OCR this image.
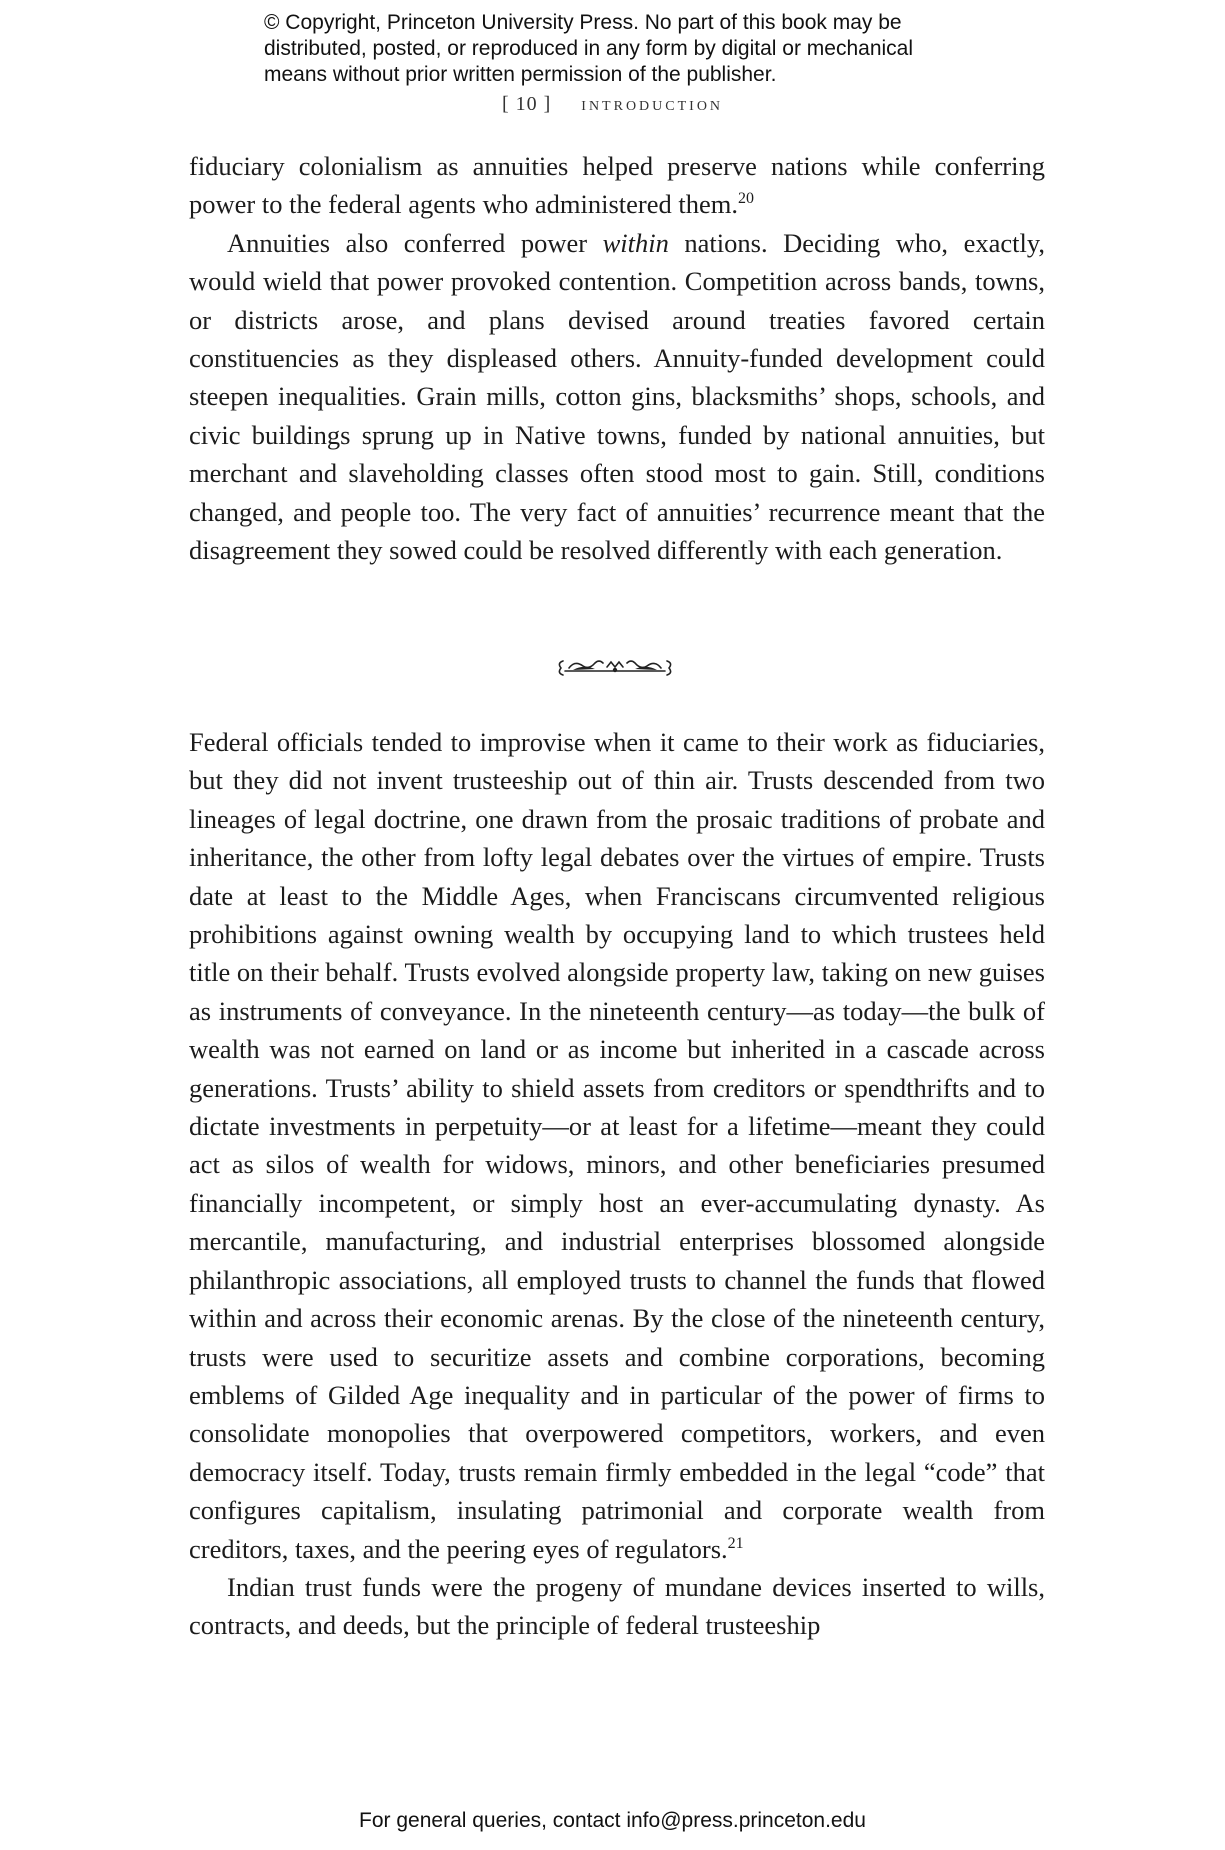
© Copyright, Princeton University Press. No part of this book may be
distributed, posted, or reproduced in any form by digital or mechanical
means without prior written permission of the publisher.
[ 10 ] introduction

fiduciary colonialism as annuities helped preserve nations while conferring power to the federal agents who administered them.$^{20}$

Annuities also conferred power within nations. Deciding who, exactly, would wield that power provoked contention. Competition across bands, towns, or districts arose, and plans devised around treaties favored certain constituencies as they displeased others. Annuity-funded development could steepen inequalities. Grain mills, cotton gins, blacksmiths’ shops, schools, and civic buildings sprung up in Native towns, funded by national annuities, but merchant and slaveholding classes often stood most to gain. Still, conditions changed, and people too. The very fact of annuities’ recurrence meant that the disagreement they sowed could be resolved differently with each generation.

Federal officials tended to improvise when it came to their work as fiduciaries, but they did not invent trusteeship out of thin air. Trusts descended from two lineages of legal doctrine, one drawn from the prosaic traditions of probate and inheritance, the other from lofty legal debates over the virtues of empire. Trusts date at least to the Middle Ages, when Franciscans circumvented religious prohibitions against owning wealth by occupying land to which trustees held title on their behalf. Trusts evolved alongside property law, taking on new guises as instruments of conveyance. In the nineteenth century—as today—the bulk of wealth was not earned on land or as income but inherited in a cascade across generations. Trusts’ ability to shield assets from creditors or spendthrifts and to dictate investments in perpetuity—or at least for a lifetime—meant they could act as silos of wealth for widows, minors, and other beneficiaries presumed financially incompetent, or simply host an ever-accumulating dynasty. As mercantile, manufacturing, and industrial enterprises blossomed alongside philanthropic associations, all employed trusts to channel the funds that flowed within and across their economic arenas. By the close of the nineteenth century, trusts were used to securitize assets and combine corporations, becoming emblems of Gilded Age inequality and in particular of the power of firms to consolidate monopolies that overpowered competitors, workers, and even democracy itself. Today, trusts remain firmly embedded in the legal “code” that configures capitalism, insulating patrimonial and corporate wealth from creditors, taxes, and the peering eyes of regulators.$^{21}$

Indian trust funds were the progeny of mundane devices inserted to wills, contracts, and deeds, but the principle of federal trusteeship

For general queries, contact info@press.princeton.edu
